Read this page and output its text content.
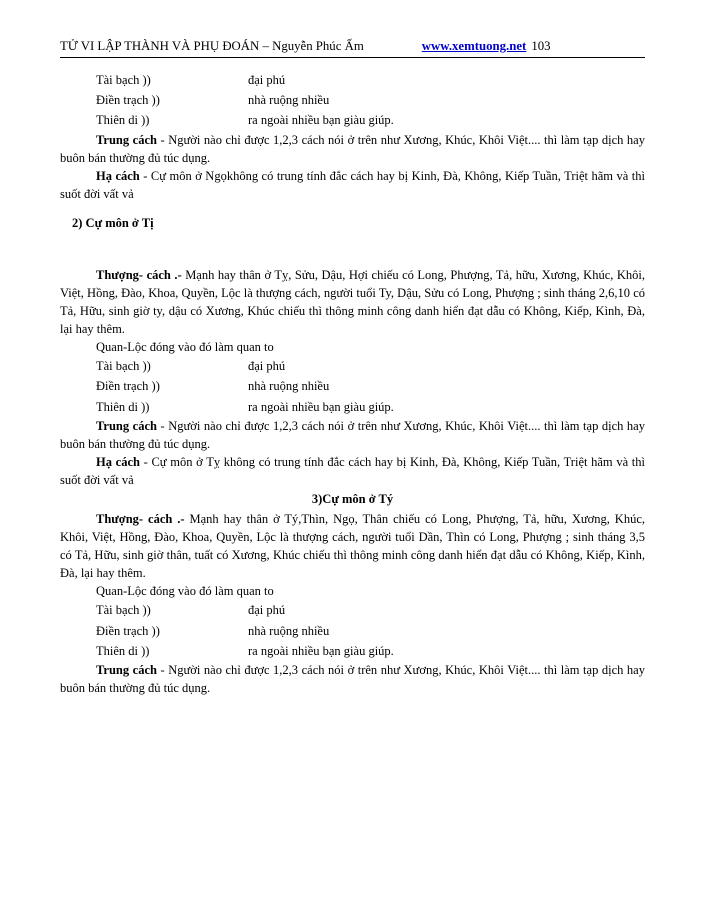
TỬ VI LẬP THÀNH VÀ PHỤ ĐOÁN – Nguyễn Phúc Ấm	www.xemtuong.net 103
Tài bạch ))	đại phú
Điền trạch ))	nhà ruộng nhiều
Thiên di ))	ra ngoài nhiều bạn giàu giúp.

Trung cách - Người nào chỉ được 1,2,3 cách nói ở trên như Xương, Khúc, Khôi Việt.... thì làm tạp dịch hay buôn bán thường đủ túc dụng.

Hạ cách - Cự môn ở Ngọkhông có trung tính đắc cách hay bị Kinh, Đà, Không, Kiếp Tuần, Triệt hãm và thì suốt đời vất vả

2) Cự môn ở Tị

Thượng- cách .- Mạnh hay thân ở Tỵ, Sửu, Dậu, Hợi chiếu có Long, Phượng, Tả, hữu, Xương, Khúc, Khôi, Việt, Hồng, Đào, Khoa, Quyền, Lộc là thượng cách, người tuổi Ty, Dậu, Sửu có Long, Phượng ; sinh tháng 2,6,10 có Tả, Hữu, sinh giờ ty, dậu có Xương, Khúc chiếu thì thông minh công danh hiển đạt dẫu có Không, Kiếp, Kình, Đà, lại hay thêm.

Quan-Lộc đóng vào đó làm quan to

Tài bạch ))	đại phú
Điền trạch ))	nhà ruộng nhiều
Thiên di ))	ra ngoài nhiều bạn giàu giúp.

Trung cách - Người nào chỉ được 1,2,3 cách nói ở trên như Xương, Khúc, Khôi Việt.... thì làm tạp dịch hay buôn bán thường đủ túc dụng.

Hạ cách - Cự môn ở Tỵ không có trung tính đắc cách hay bị Kinh, Đà, Không, Kiếp Tuần, Triệt hãm và thì suốt đời vất vả

3)Cự môn ở Tý

Thượng- cách .- Mạnh hay thân ở Tý,Thìn, Ngọ, Thân chiếu có Long, Phượng, Tả, hữu, Xương, Khúc, Khôi, Việt, Hồng, Đào, Khoa, Quyền, Lộc là thượng cách, người tuổi Dần, Thìn có Long, Phượng ; sinh tháng 3,5 có Tả, Hữu, sinh giờ thân, tuất có Xương, Khúc chiếu thì thông minh công danh hiển đạt dẫu có Không, Kiếp, Kình, Đà, lại hay thêm.

Quan-Lộc đóng vào đó làm quan to

Tài bạch ))	đại phú
Điền trạch ))	nhà ruộng nhiều
Thiên di ))	ra ngoài nhiều bạn giàu giúp.

Trung cách - Người nào chỉ được 1,2,3 cách nói ở trên như Xương, Khúc, Khôi Việt.... thì làm tạp dịch hay buôn bán thường đủ túc dụng.
